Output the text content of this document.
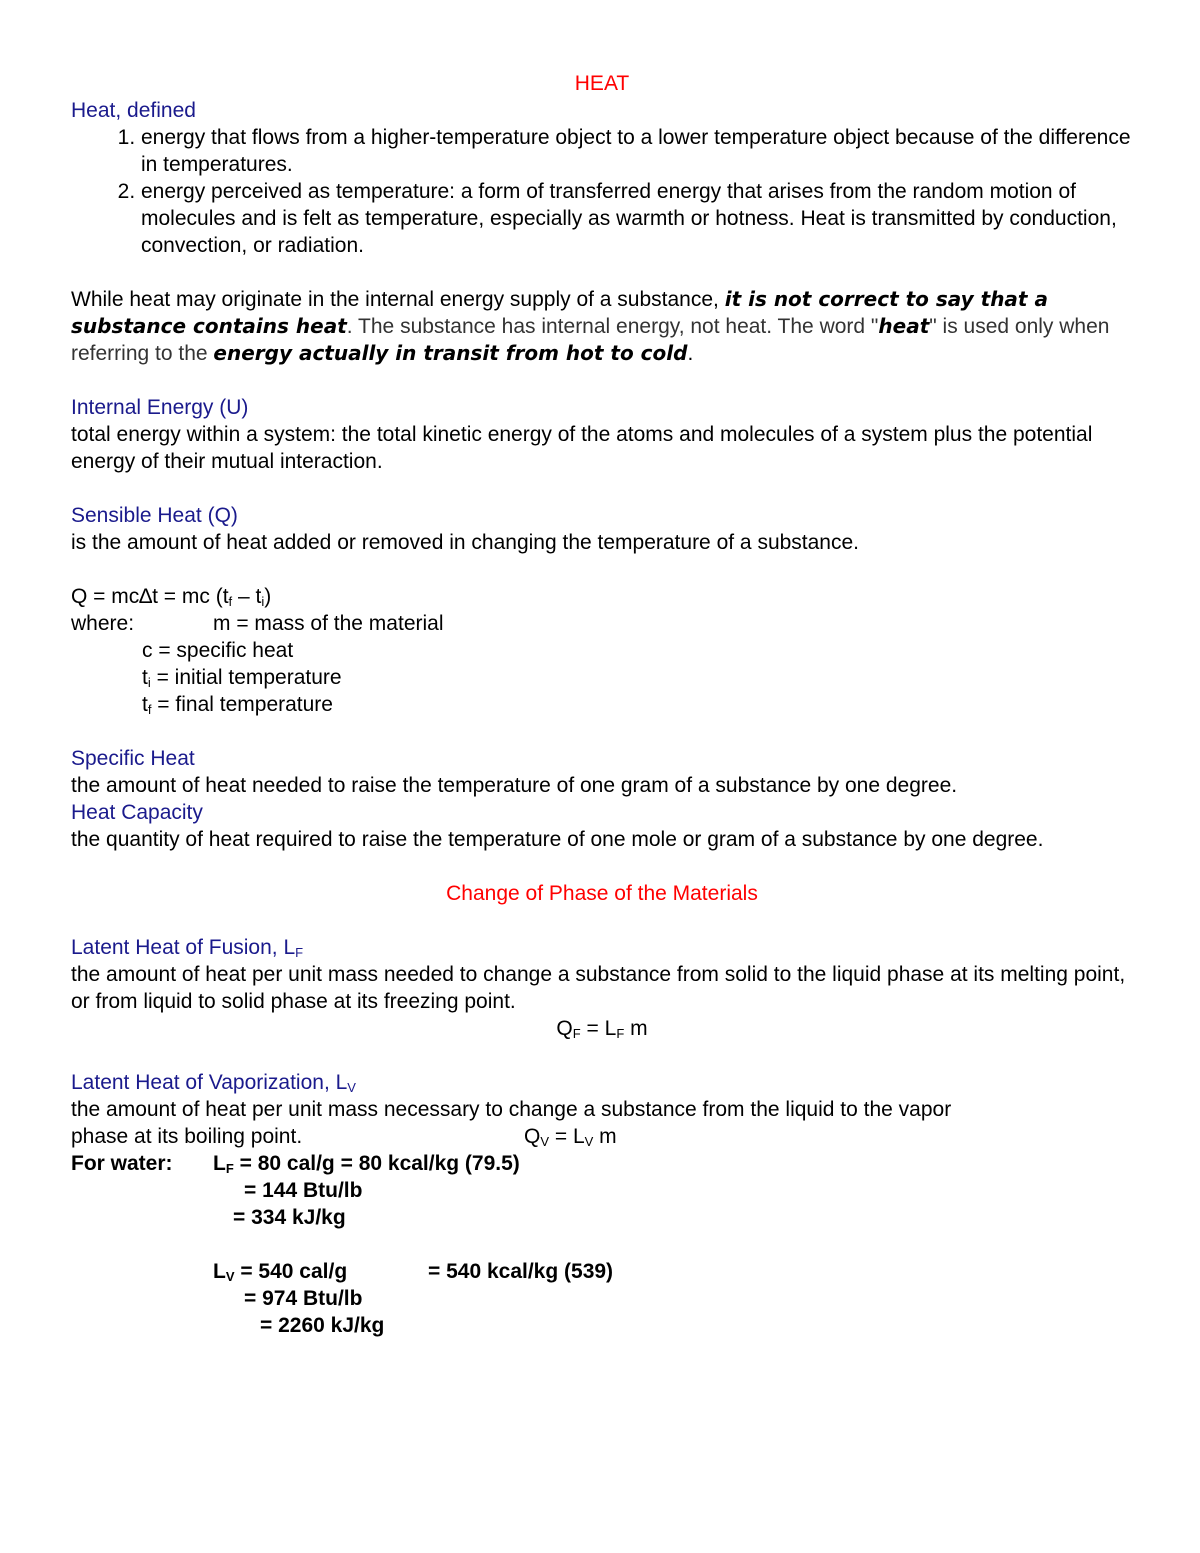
HEAT

Heat, defined

1. energy that flows from a higher-temperature object to a lower temperature object because of the difference in temperatures.
2. energy perceived as temperature: a form of transferred energy that arises from the random motion of molecules and is felt as temperature, especially as warmth or hotness. Heat is transmitted by conduction, convection, or radiation.

While heat may originate in the internal energy supply of a substance, it is not correct to say that a substance contains heat. The substance has internal energy, not heat. The word "heat" is used only when referring to the energy actually in transit from hot to cold.

Internal Energy (U)

total energy within a system: the total kinetic energy of the atoms and molecules of a system plus the potential energy of their mutual interaction.

Sensible Heat (Q)

is the amount of heat added or removed in changing the temperature of a substance.

Q = mc∆t = mc $(t_f - t_i)$

where:	m = mass of the material
c = specific heat
$t_i$ = initial temperature
$t_f$ = final temperature

Specific Heat

the amount of heat needed to raise the temperature of one gram of a substance by one degree.

Heat Capacity

the quantity of heat required to raise the temperature of one mole or gram of a substance by one degree.

Change of Phase of the Materials

Latent Heat of Fusion, $L_F$

the amount of heat per unit mass needed to change a substance from solid to the liquid phase at its melting point, or from liquid to solid phase at its freezing point.

$Q_F = L_F$ m

Latent Heat of Vaporization, $L_V$

the amount of heat per unit mass necessary to change a substance from the liquid to the vapor

phase at its boiling point.	$Q_V = L_V$ m
For water: $L_F = 80$ cal/g = 80 kcal/kg (79.5)
= 144 Btu/lb
= 334 kJ/kg
$L_V = 540$ cal/g	= 540 kcal/kg (539)
= 974 Btu/lb
= 2260 kJ/kg
